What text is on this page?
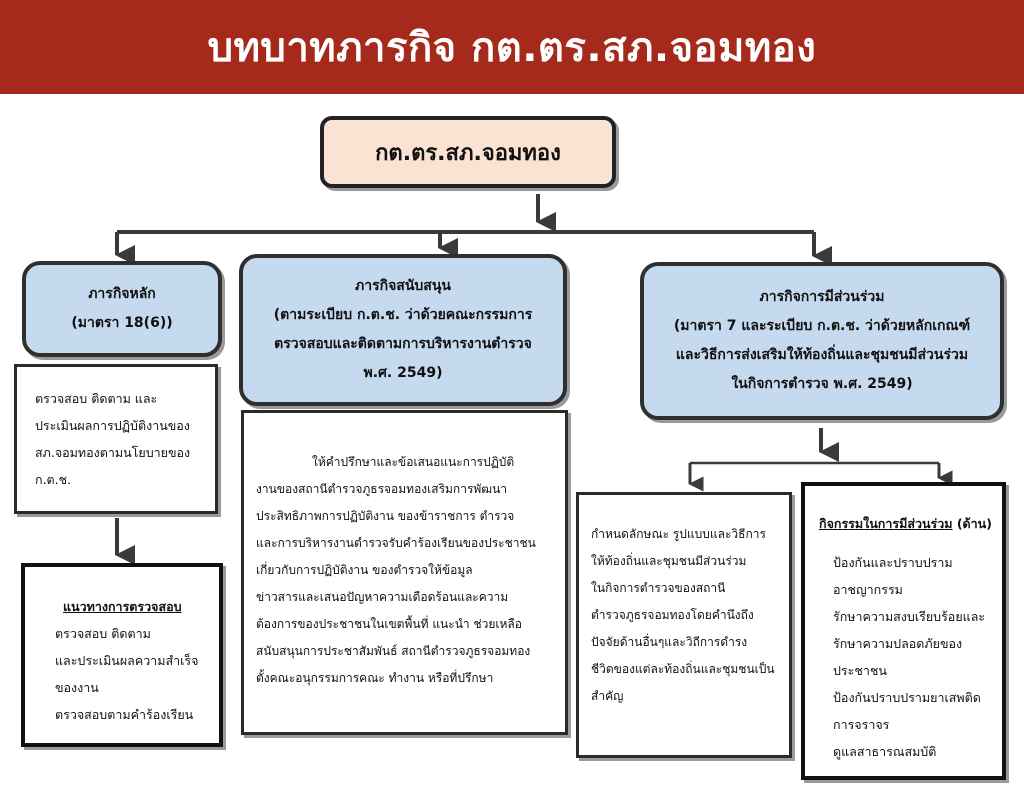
บทบาทภารกิจ กต.ตร.สภ.จอมทอง
กต.ตร.สภ.จอมทอง
ภารกิจหลัก
(มาตรา 18(6))
ตรวจสอบ ติดตาม และ
ประเมินผลการปฏิบัติงานของ
สภ.จอมทองตามนโยบายของ
ก.ต.ช.
แนวทางการตรวจสอบ
ตรวจสอบ ติดตาม
และประเมินผลความสำเร็จ
ของงาน
ตรวจสอบตามคำร้องเรียน
ภารกิจสนับสนุน
(ตามระเบียบ ก.ต.ช. ว่าด้วยคณะกรรมการ
ตรวจสอบและติดตามการบริหารงานตำรวจ
พ.ศ. 2549)
ให้คำปรึกษาและข้อเสนอแนะการปฏิบัติ
งานของสถานีตำรวจภูธรจอมทองเสริมการพัฒนา
ประสิทธิภาพการปฏิบัติงาน ของข้าราชการ ตำรวจ
และการบริหารงานตำรวจรับคำร้องเรียนของประชาชน
เกี่ยวกับการปฏิบัติงาน ของตำรวจให้ข้อมูล
ข่าวสารและเสนอปัญหาความเดือดร้อนและความ
ต้องการของประชาชนในเขตพื้นที่ แนะนำ ช่วยเหลือ
สนับสนุนการประชาสัมพันธ์ สถานีตำรวจภูธรจอมทอง
ตั้งคณะอนุกรรมการคณะ ทำงาน หรือที่ปรึกษา
ภารกิจการมีส่วนร่วม
(มาตรา 7 และระเบียบ ก.ต.ช. ว่าด้วยหลักเกณฑ์
และวิธีการส่งเสริมให้ท้องถิ่นและชุมชนมีส่วนร่วม
ในกิจการตำรวจ พ.ศ. 2549)
กำหนดลักษณะ รูปแบบและวิธีการ
ให้ท้องถิ่นและชุมชนมีส่วนร่วม
ในกิจการตำรวจของสถานี
ตำรวจภูธรจอมทองโดยคำนึงถึง
ปัจจัยด้านอื่นๆและวิถีการดำรง
ชีวิตของแต่ละท้องถิ่นและชุมชนเป็น
สำคัญ
กิจกรรมในการมีส่วนร่วม (ด้าน)
ป้องกันและปราบปราม
อาชญากรรม
รักษาความสงบเรียบร้อยและ
รักษาความปลอดภัยของ
ประชาชน
ป้องกันปราบปรามยาเสพติด
การจราจร
ดูแลสาธารณสมบัติ
